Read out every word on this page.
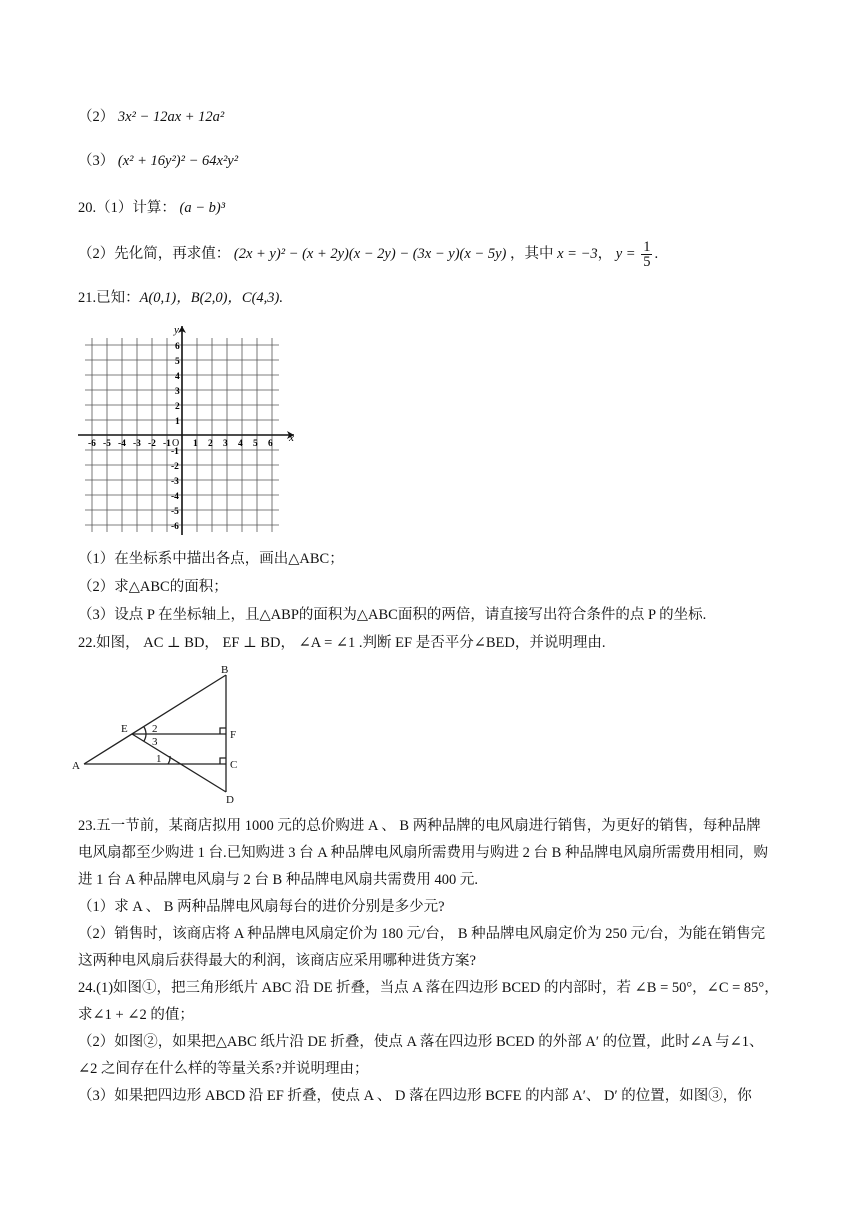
（2） 3x² − 12ax + 12a²
（3） (x² + 16y²)² − 64x²y²
20.（1）计算： (a − b)³
（2）先化简，再求值： (2x + y)² − (x + 2y)(x − 2y) − (3x − y)(x − 5y) ，其中 x = −3， $y = \frac{1}{5}$ .
21.已知：A(0,1)，B(2,0)，C(4,3).
x
y
O
-6 -5 -4 -3 -2 -1 1 2 3 4 5 6
6
5
4
3
2
1
-1
-2
-3
-4
-5
-6
（1）在坐标系中描出各点，画出△ABC；
（2）求△ABC的面积；
（3）设点 P 在坐标轴上，且△ABP的面积为△ABC面积的两倍，请直接写出符合条件的点 P 的坐标.
22.如图， AC ⊥ BD， EF ⊥ BD， ∠A = ∠1 .判断 EF 是否平分∠BED，并说明理由.
B
F
C
D
A
E 2
3
1
23.五一节前，某商店拟用 1000 元的总价购进 A 、 B 两种品牌的电风扇进行销售，为更好的销售，每种品牌
电风扇都至少购进 1 台.已知购进 3 台 A 种品牌电风扇所需费用与购进 2 台 B 种品牌电风扇所需费用相同，购
进 1 台 A 种品牌电风扇与 2 台 B 种品牌电风扇共需费用 400 元.
（1）求 A 、 B 两种品牌电风扇每台的进价分别是多少元?
（2）销售时，该商店将 A 种品牌电风扇定价为 180 元/台， B 种品牌电风扇定价为 250 元/台，为能在销售完
这两种电风扇后获得最大的利润，该商店应采用哪种进货方案?
24.(1)如图①，把三角形纸片 ABC 沿 DE 折叠，当点 A 落在四边形 BCED 的内部时，若 ∠B = 50°，∠C = 85°，
求∠1 + ∠2 的值；
（2）如图②，如果把△ABC 纸片沿 DE 折叠，使点 A 落在四边形 BCED 的外部 A′ 的位置，此时∠A 与∠1、
∠2 之间存在什么样的等量关系?并说明理由；
（3）如果把四边形 ABCD 沿 EF 折叠，使点 A 、 D 落在四边形 BCFE 的内部 A′、 D′ 的位置，如图③，你
